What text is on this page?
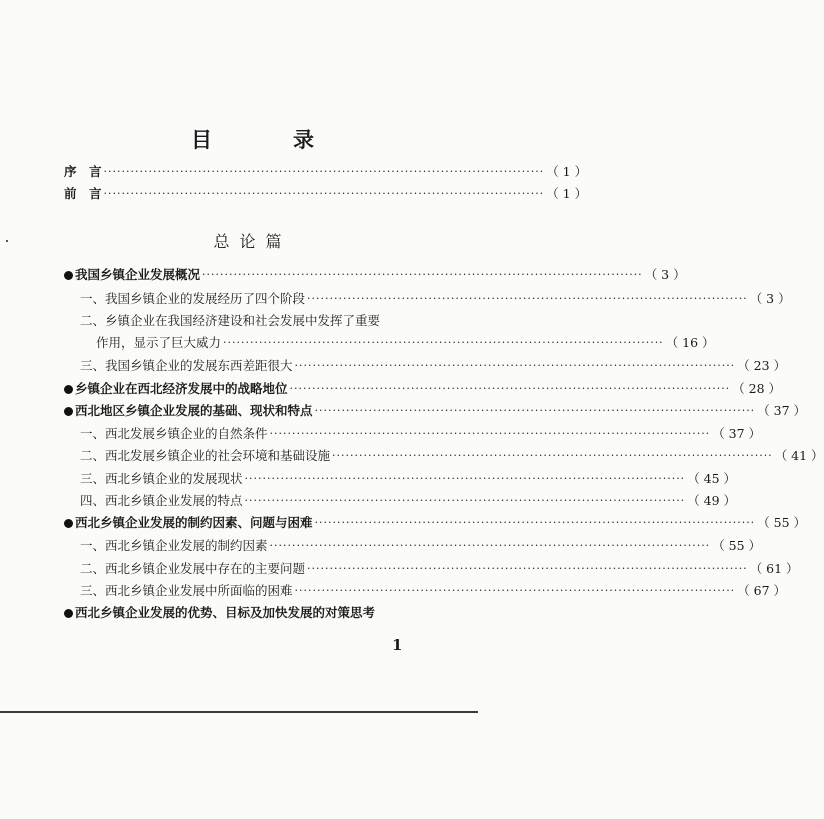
目　录
序　言 ·································································································· （ 1 ）
前　言 ·································································································· （ 1 ）
总论篇
我国乡镇企业发展概况 ·································································································· （ 3 ）
一、我国乡镇企业的发展经历了四个阶段 ·································································································· （ 3 ）
二、乡镇企业在我国经济建设和社会发展中发挥了重要
作用，显示了巨大威力 ·································································································· （ 16 ）
三、我国乡镇企业的发展东西差距很大 ·································································································· （ 23 ）
乡镇企业在西北经济发展中的战略地位 ·································································································· （ 28 ）
西北地区乡镇企业发展的基础、现状和特点 ·································································································· （ 37 ）
一、西北发展乡镇企业的自然条件 ·································································································· （ 37 ）
二、西北发展乡镇企业的社会环境和基础设施 ·································································································· （ 41 ）
三、西北乡镇企业的发展现状 ·································································································· （ 45 ）
四、西北乡镇企业发展的特点 ·································································································· （ 49 ）
西北乡镇企业发展的制约因素、问题与困难 ·································································································· （ 55 ）
一、西北乡镇企业发展的制约因素 ·································································································· （ 55 ）
二、西北乡镇企业发展中存在的主要问题 ·································································································· （ 61 ）
三、西北乡镇企业发展中所面临的困难 ·································································································· （ 67 ）
西北乡镇企业发展的优势、目标及加快发展的对策思考
1
